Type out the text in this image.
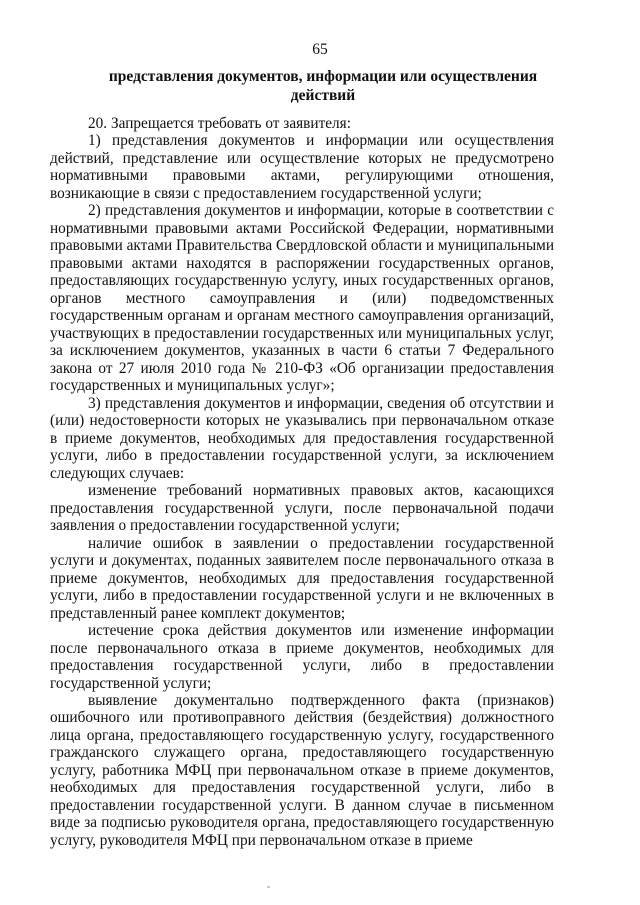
65
представления документов, информации или осуществления действий

20. Запрещается требовать от заявителя:

1) представления документов и информации или осуществления действий, представление или осуществление которых не предусмотрено нормативными правовыми актами, регулирующими отношения, возникающие в связи с предоставлением государственной услуги;

2) представления документов и информации, которые в соответствии с нормативными правовыми актами Российской Федерации, нормативными правовыми актами Правительства Свердловской области и муниципальными правовыми актами находятся в распоряжении государственных органов, предоставляющих государственную услугу, иных государственных органов, органов местного самоуправления и (или) подведомственных государственным органам и органам местного самоуправления организаций, участвующих в предоставлении государственных или муниципальных услуг, за исключением документов, указанных в части 6 статьи 7 Федерального закона от 27 июля 2010 года № 210-ФЗ «Об организации предоставления государственных и муниципальных услуг»;

3) представления документов и информации, сведения об отсутствии и (или) недостоверности которых не указывались при первоначальном отказе в приеме документов, необходимых для предоставления государственной услуги, либо в предоставлении государственной услуги, за исключением следующих случаев:

изменение требований нормативных правовых актов, касающихся предоставления государственной услуги, после первоначальной подачи заявления о предоставлении государственной услуги;

наличие ошибок в заявлении о предоставлении государственной услуги и документах, поданных заявителем после первоначального отказа в приеме документов, необходимых для предоставления государственной услуги, либо в предоставлении государственной услуги и не включенных в представленный ранее комплект документов;

истечение срока действия документов или изменение информации после первоначального отказа в приеме документов, необходимых для предоставления государственной услуги, либо в предоставлении государственной услуги;

выявление документально подтвержденного факта (признаков) ошибочного или противоправного действия (бездействия) должностного лица органа, предоставляющего государственную услугу, государственного гражданского служащего органа, предоставляющего государственную услугу, работника МФЦ при первоначальном отказе в приеме документов, необходимых для предоставления государственной услуги, либо в предоставлении государственной услуги. В данном случае в письменном виде за подписью руководителя органа, предоставляющего государственную услугу, руководителя МФЦ при первоначальном отказе в приеме
